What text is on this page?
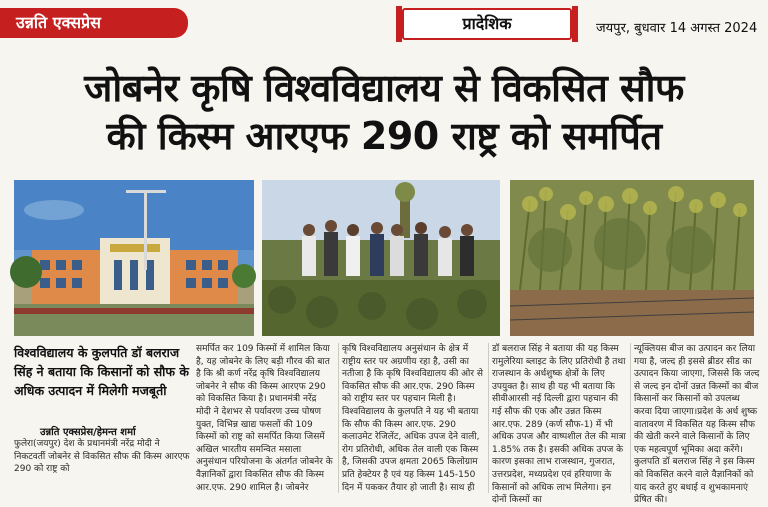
उन्नति एक्सप्रेस	प्रादेशिक	जयपुर, बुधवार 14 अगस्त 2024
जोबनेर कृषि विश्वविद्यालय से विकसित सौफ
की किस्म आरएफ 290 राष्ट्र को समर्पित
विश्वविद्यालय के कुलपति डॉ बलराज सिंह ने बताया कि किसानों को सौफ के अधिक उत्पादन में मिलेगी मजबूती
उन्नति एक्सप्रेस/हेमन्त शर्मा

फुलेरा(जयपुर) देश के प्रधानमंत्री नरेंद्र मोदी ने निकटवर्ती जोबनेर से विकसित सौफ की किस्म आरएफ 290 को राष्ट्र को

समर्पित कर 109 किस्मों में शामिल किया है, यह जोबनेर के लिए बड़ी गौरव की बात है कि श्री कर्ण नरेंद्र कृषि विश्वविद्यालय जोबनेर ने सौफ की किस्म आरएफ 290 को विकसित किया है। प्रधानमंत्री नरेंद्र मोदी ने देशभर से पर्यावरण उच्च पोषण युक्त, विभिन्न खाद्य फसलों की 109 किस्मों को राष्ट्र को समर्पित किया जिसमें अखिल भारतीय समन्वित मसाला अनुसंधान परियोजना के अंतर्गत जोबनेर के वैज्ञानिकों द्वारा विकसित सौफ की किस्म आर.एफ. 290 शामिल है। जोबनेर

कृषि विश्वविद्यालय अनुसंधान के क्षेत्र में राष्ट्रीय स्तर पर अग्रणीय रहा है, उसी का नतीजा है कि कृषि विश्वविद्यालय की ओर से विकसित सौफ की आर.एफ. 290 किस्म को राष्ट्रीय स्तर पर पहचान मिली है। विश्वविद्यालय के कुलपति ने यह भी बताया कि सौफ की किस्म आर.एफ. 290 कलाउमेट रेजिलेंट, अधिक उपज देने वाली, रोग प्रतिरोधी, अधिक तेल वाली एक किस्म है, जिसकी उपज क्षमता 2065 किलोग्राम प्रति हेक्टेयर है एवं यह किस्म 145-150 दिन में पककर तैयार हो जाती है। साथ ही

डॉ बलराज सिंह ने बताया की यह किस्म रामुलेरिया ब्लाइट के लिए प्रतिरोधी है तथा राजस्थान के अर्धशुष्क क्षेत्रों के लिए उपयुक्त है। साथ ही यह भी बताया कि सीवीआरसी नई दिल्ली द्वारा पहचान की गई सौफ की एक और उन्नत किस्म आर.एफ. 289 (कर्ण सौफ-1) में भी अधिक उपज और वाष्पशील तेल की मात्रा 1.85% तक है। इसकी अधिक उपज के कारण इसका लाभ राजस्थान, गुजरात, उत्तरप्रदेश, मध्यप्रदेश एवं हरियाणा के किसानों को अधिक लाभ मिलेगा। इन दोनों किस्मों का

न्यूक्लियस बीज का उत्पादन कर लिया गया है, जल्द ही इससे ब्रीडर सीड का उत्पादन किया जाएगा, जिससे कि जल्द से जल्द इन दोनों उन्नत किस्मों का बीज किसानों कर किसानों को उपलब्ध करवा दिया जाएगा।प्रदेश के अर्ध शुष्क वातावरण में विकसित यह किस्म सौफ की खेती करने वाले किसानों के लिए एक महत्वपूर्ण भूमिका अदा करेंगे। कुलपति डॉ बलराज सिंह ने इस किस्म को विकसित करने वाले वैज्ञानिकों को याद करते हुए बधाई व शुभकामनाएं प्रेषित की।
